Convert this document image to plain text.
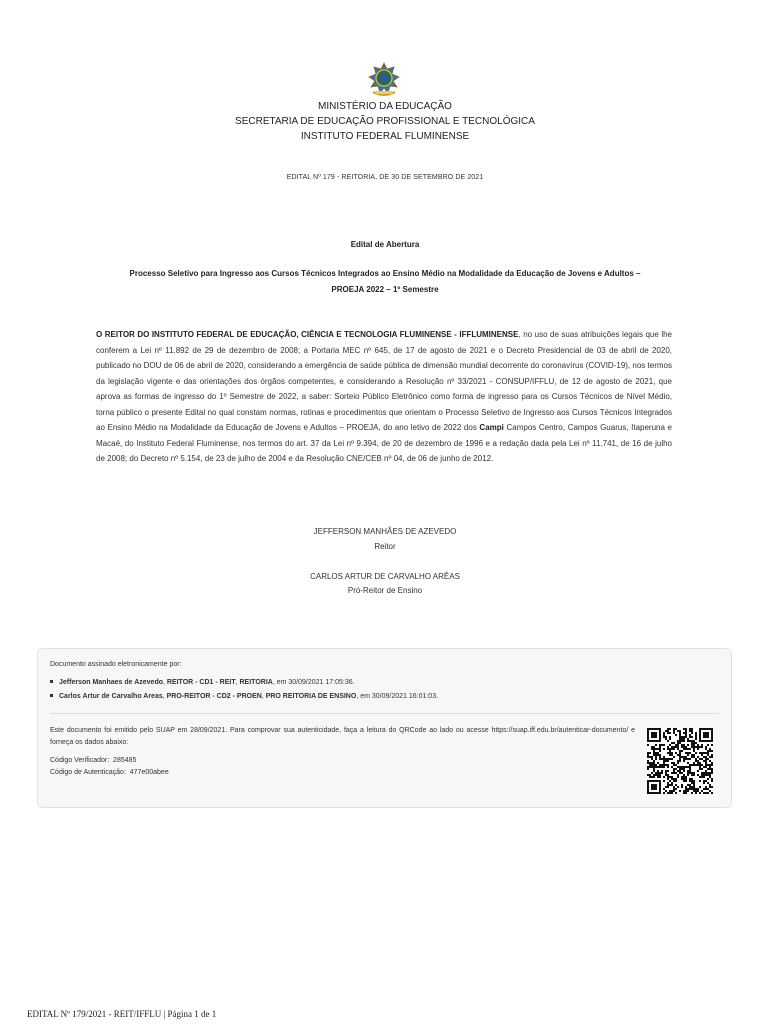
MINISTÉRIO DA EDUCAÇÃO
SECRETARIA DE EDUCAÇÃO PROFISSIONAL E TECNOLÓGICA
INSTITUTO FEDERAL FLUMINENSE
EDITAL Nº 179 - REITORIA, DE 30 DE SETEMBRO DE 2021
Edital de Abertura
Processo Seletivo para Ingresso aos Cursos Técnicos Integrados ao Ensino Médio na Modalidade da Educação de Jovens e Adultos –
PROEJA 2022 – 1º Semestre
O REITOR DO INSTITUTO FEDERAL DE EDUCAÇÃO, CIÊNCIA E TECNOLOGIA FLUMINENSE - IFFLUMINENSE, no uso de suas atribuições legais que lhe conferem a Lei nº 11.892 de 29 de dezembro de 2008; a Portaria MEC nº 645, de 17 de agosto de 2021 e o Decreto Presidencial de 03 de abril de 2020, publicado no DOU de 06 de abril de 2020, considerando a emergência de saúde pública de dimensão mundial decorrente do coronavírus (COVID-19), nos termos da legislação vigente e das orientações dos órgãos competentes, e considerando a Resolução nº 33/2021 - CONSUP/IFFLU, de 12 de agosto de 2021, que aprova as formas de ingresso do 1º Semestre de 2022, a saber: Sorteio Público Eletrônico como forma de ingresso para os Cursos Técnicos de Nível Médio, torna público o presente Edital no qual constam normas, rotinas e procedimentos que orientam o Processo Seletivo de Ingresso aos Cursos Técnicos Integrados ao Ensino Médio na Modalidade da Educação de Jovens e Adultos – PROEJA, do ano letivo de 2022 dos Campi Campos Centro, Campos Guarus, Itaperuna e Macaé, do Instituto Federal Fluminense, nos termos do art. 37 da Lei nº 9.394, de 20 de dezembro de 1996 e a redação dada pela Lei nº 11.741, de 16 de julho de 2008; do Decreto nº 5.154, de 23 de julho de 2004 e da Resolução CNE/CEB nº 04, de 06 de junho de 2012.
JEFFERSON MANHÃES DE AZEVEDO
Reitor
CARLOS ARTUR DE CARVALHO ARÊAS
Pró-Reitor de Ensino
Documento assinado eletronicamente por:
Jefferson Manhaes de Azevedo, REITOR - CD1 - REIT, REITORIA, em 30/09/2021 17:05:36.
Carlos Artur de Carvalho Areas, PRO-REITOR - CD2 - PROEN, PRO REITORIA DE ENSINO, em 30/09/2021 16:01:03.
Este documento foi emitido pelo SUAP em 28/09/2021. Para comprovar sua autenticidade, faça a leitura do QRCode ao lado ou acesse https://suap.iff.edu.br/autenticar-documento/ e forneça os dados abaixo:
Código Verificador: 285485
Código de Autenticação: 477e00abee
EDITAL Nº 179/2021 - REIT/IFFLU | Página 1 de 1
